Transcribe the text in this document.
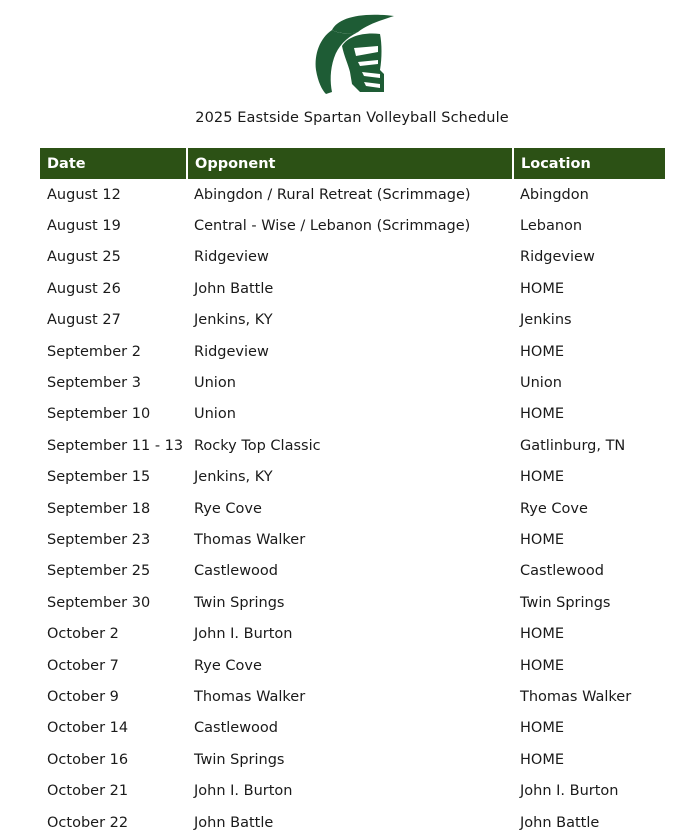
2025 Eastside Spartan Volleyball Schedule
Date	Opponent	Location
August 12	Abingdon / Rural Retreat (Scrimmage)	Abingdon
August 19	Central - Wise / Lebanon (Scrimmage)	Lebanon
August 25	Ridgeview	Ridgeview
August 26	John Battle	HOME
August 27	Jenkins, KY	Jenkins
September 2	Ridgeview	HOME
September 3	Union	Union
September 10	Union	HOME
September 11 - 13	Rocky Top Classic	Gatlinburg, TN
September 15	Jenkins, KY	HOME
September 18	Rye Cove	Rye Cove
September 23	Thomas Walker	HOME
September 25	Castlewood	Castlewood
September 30	Twin Springs	Twin Springs
October 2	John I. Burton	HOME
October 7	Rye Cove	HOME
October 9	Thomas Walker	Thomas Walker
October 14	Castlewood	HOME
October 16	Twin Springs	HOME
October 21	John I. Burton	John I. Burton
October 22	John Battle	John Battle
